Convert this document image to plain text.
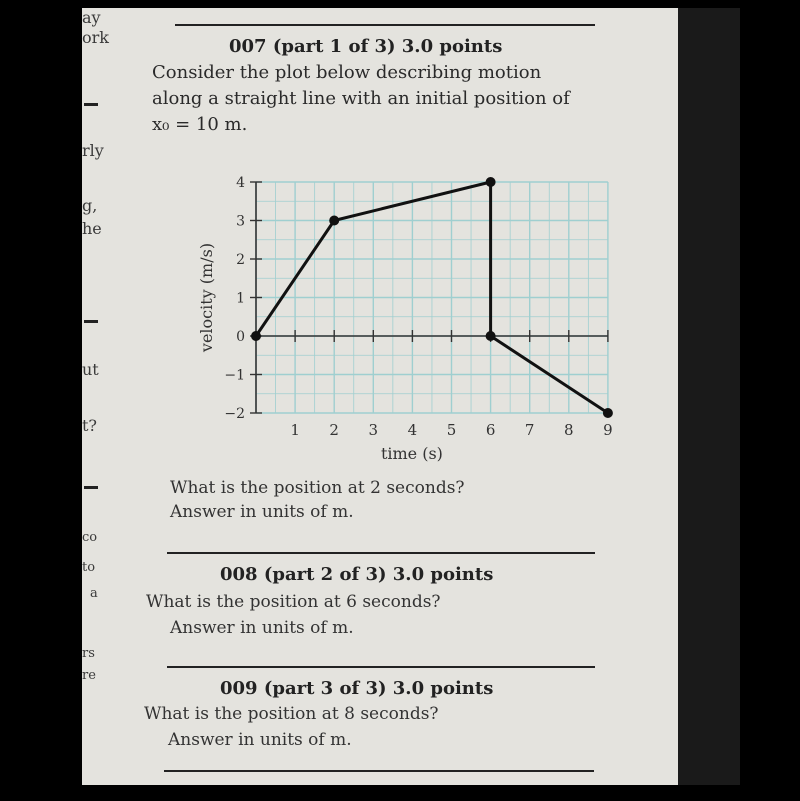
ay
ork
rly
g,
he
ut
t?
co
to
a
rs
re
007 (part 1 of 3) 3.0 points
Consider the plot below describing motion
along a straight line with an initial position of
x₀ = 10 m.
4
3
2
1
0
−1
−2
1 2 3 4 5 6 7 8 9
time (s)
velocity (m/s)
What is the position at 2 seconds?
Answer in units of m.
008 (part 2 of 3) 3.0 points
What is the position at 6 seconds?
Answer in units of m.
009 (part 3 of 3) 3.0 points
What is the position at 8 seconds?
Answer in units of m.
